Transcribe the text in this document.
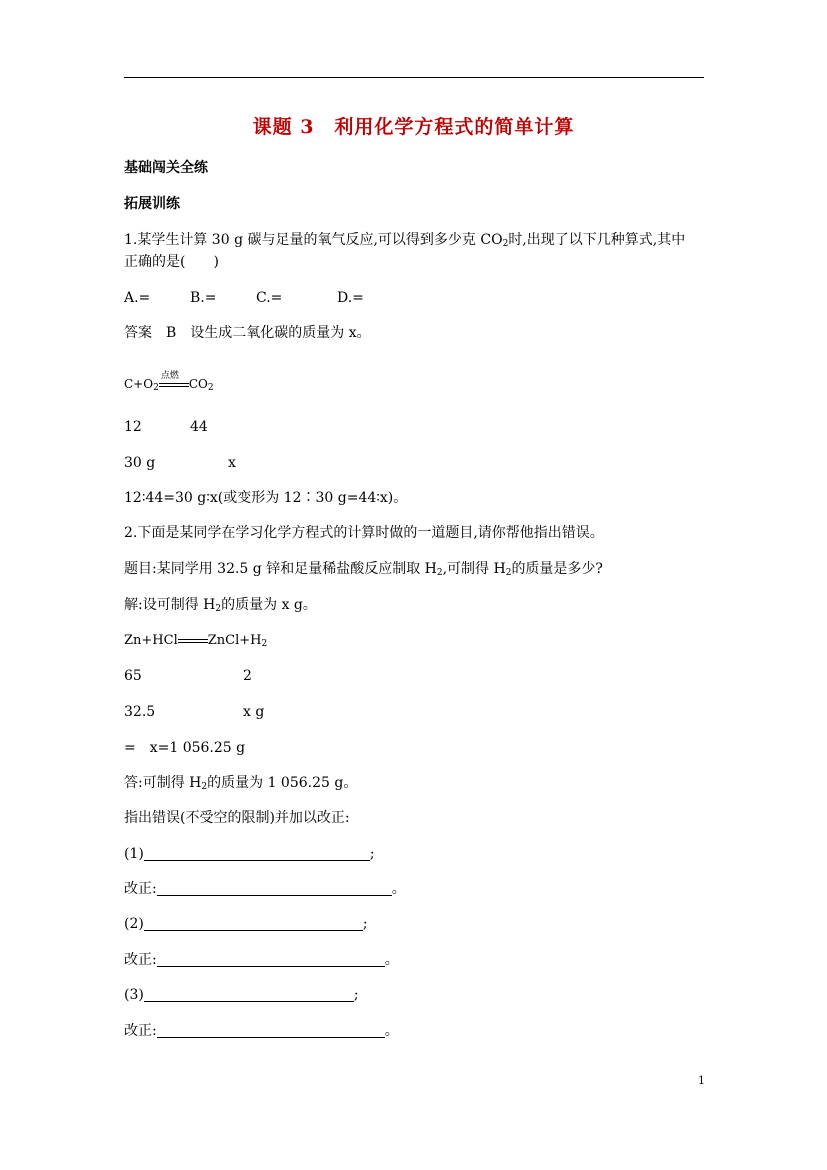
课题 3　利用化学方程式的简单计算
基础闯关全练
拓展训练
1.某学生计算 30 g 碳与足量的氧气反应,可以得到多少克 $CO_2$时,出现了以下几种算式,其中
正确的是(　　)
A.=	B.=	C.=	D.=
答案　B　设生成二氧化碳的质量为 x。
$C+O_2$
点燃
$CO_2$
12	44
30 g	x
12∶44=30 g∶x(或变形为 12∶30 g=44∶x)。
2.下面是某同学在学习化学方程式的计算时做的一道题目,请你帮他指出错误。
题目:某同学用 32.5 g 锌和足量稀盐酸反应制取 $H_2$,可制得 $H_2$的质量是多少?
解:设可制得 $H_2$的质量为 x g。
Zn+HCl $ZnCl+H_2$
65	2
32.5	x g
=　x=1 056.25 g
答:可制得 $H_2$的质量为 1 056.25 g。
指出错误(不受空的限制)并加以改正:
(1)	;
改正:	。
(2)	;
改正:	。
(3)	;
改正:	。
1
